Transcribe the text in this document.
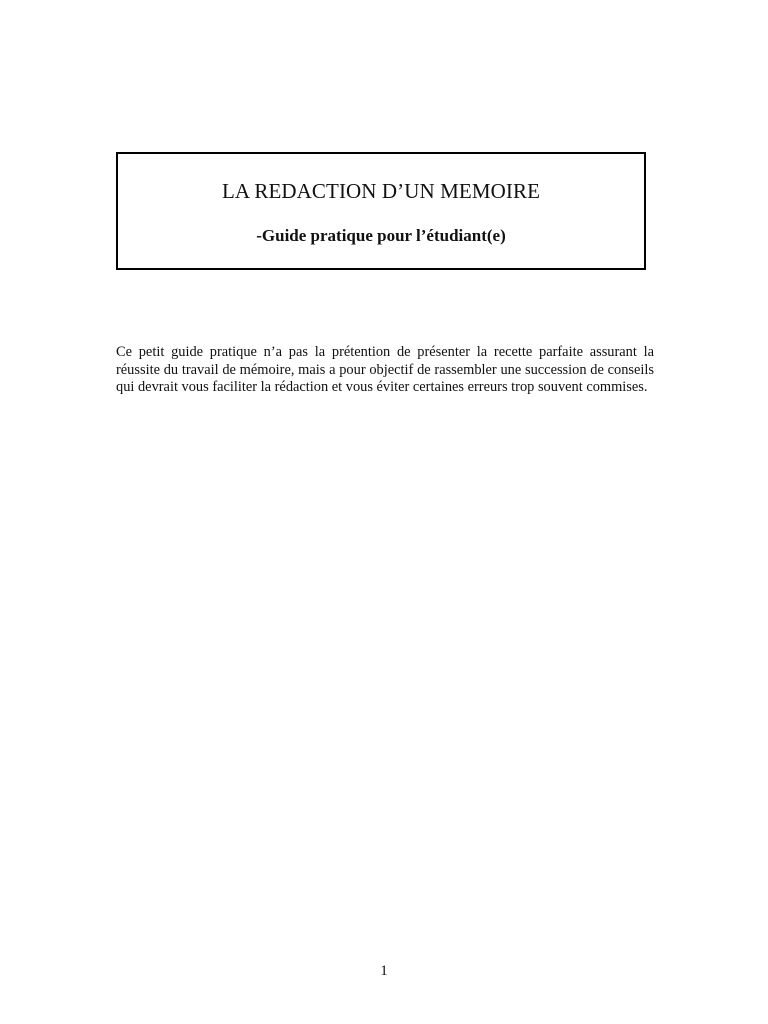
LA REDACTION D’UN MEMOIRE
-Guide pratique pour l’étudiant(e)

Ce petit guide pratique n’a pas la prétention de présenter la recette parfaite assurant la réussite du travail de mémoire, mais a pour objectif de rassembler une succession de conseils qui devrait vous faciliter la rédaction et vous éviter certaines erreurs trop souvent commises.

1
